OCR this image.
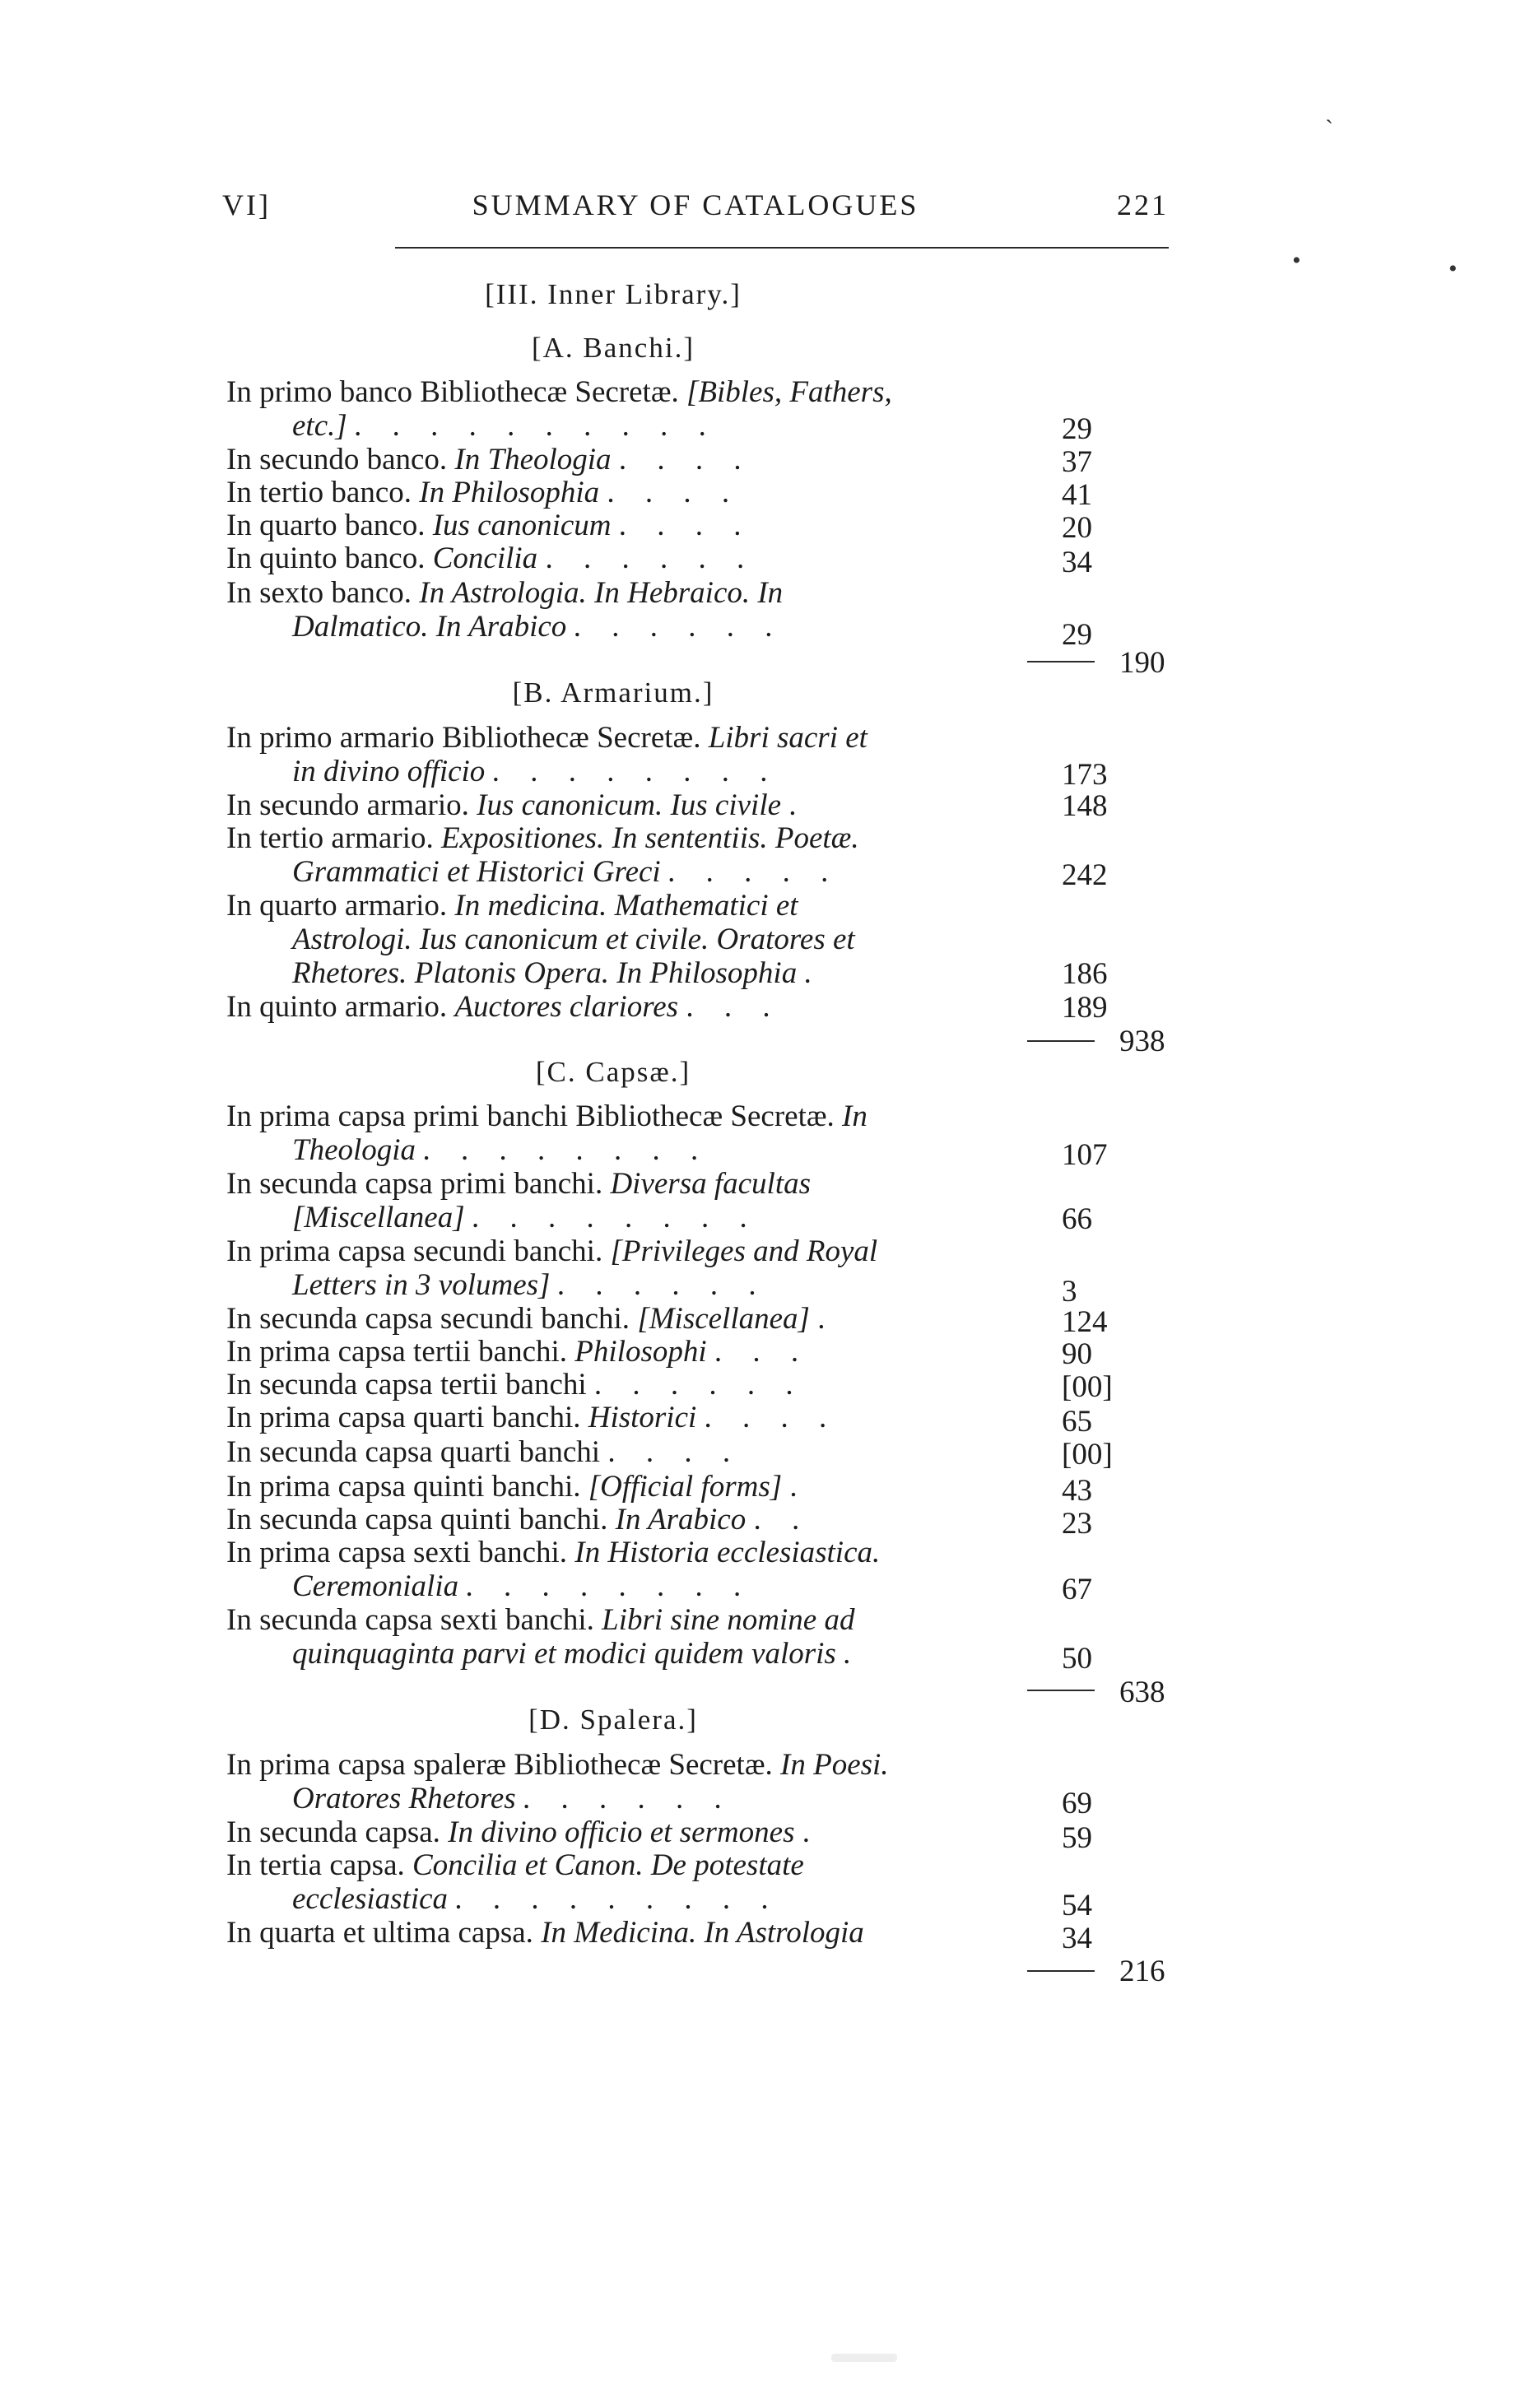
VI]	SUMMARY OF CATALOGUES	221
[III. Inner Library.]
[A. Banchi.]
In primo banco Bibliothecæ Secretæ. [Bibles, Fathers,
etc.] . . . . . . . . . .	29
In secundo banco. In Theologia . . . .	37
In tertio banco. In Philosophia . . . .	41
In quarto banco. Ius canonicum . . . .	20
In quinto banco. Concilia . . . . . .	34
In sexto banco. In Astrologia. In Hebraico. In
Dalmatico. In Arabico . . . . . .	29
190
[B. Armarium.]
In primo armario Bibliothecæ Secretæ. Libri sacri et
in divino officio . . . . . . . .	173
In secundo armario. Ius canonicum. Ius civile .	148
In tertio armario. Expositiones. In sententiis. Poetæ.
Grammatici et Historici Greci . . . . .	242
In quarto armario. In medicina. Mathematici et
Astrologi. Ius canonicum et civile. Oratores et
Rhetores. Platonis Opera. In Philosophia .	186
In quinto armario. Auctores clariores . . .	189
938
[C. Capsæ.]
In prima capsa primi banchi Bibliothecæ Secretæ. In
Theologia . . . . . . . .	107
In secunda capsa primi banchi. Diversa facultas
[Miscellanea] . . . . . . . .	66
In prima capsa secundi banchi. [Privileges and Royal
Letters in 3 volumes] . . . . . .	3
In secunda capsa secundi banchi. [Miscellanea] .	124
In prima capsa tertii banchi. Philosophi . . .	90
In secunda capsa tertii banchi . . . . . .	[00]
In prima capsa quarti banchi. Historici . . . .	65
In secunda capsa quarti banchi . . . .	[00]
In prima capsa quinti banchi. [Official forms] .	43
In secunda capsa quinti banchi. In Arabico . .	23
In prima capsa sexti banchi. In Historia ecclesiastica.
Ceremonialia . . . . . . . .	67
In secunda capsa sexti banchi. Libri sine nomine ad
quinquaginta parvi et modici quidem valoris .	50
638
[D. Spalera.]
In prima capsa spaleræ Bibliothecæ Secretæ. In Poesi.
Oratores Rhetores . . . . . .	69
In secunda capsa. In divino officio et sermones .	59
In tertia capsa. Concilia et Canon. De potestate
ecclesiastica . . . . . . . . .	54
In quarta et ultima capsa. In Medicina. In Astrologia	34
216
ˋ
•	•
